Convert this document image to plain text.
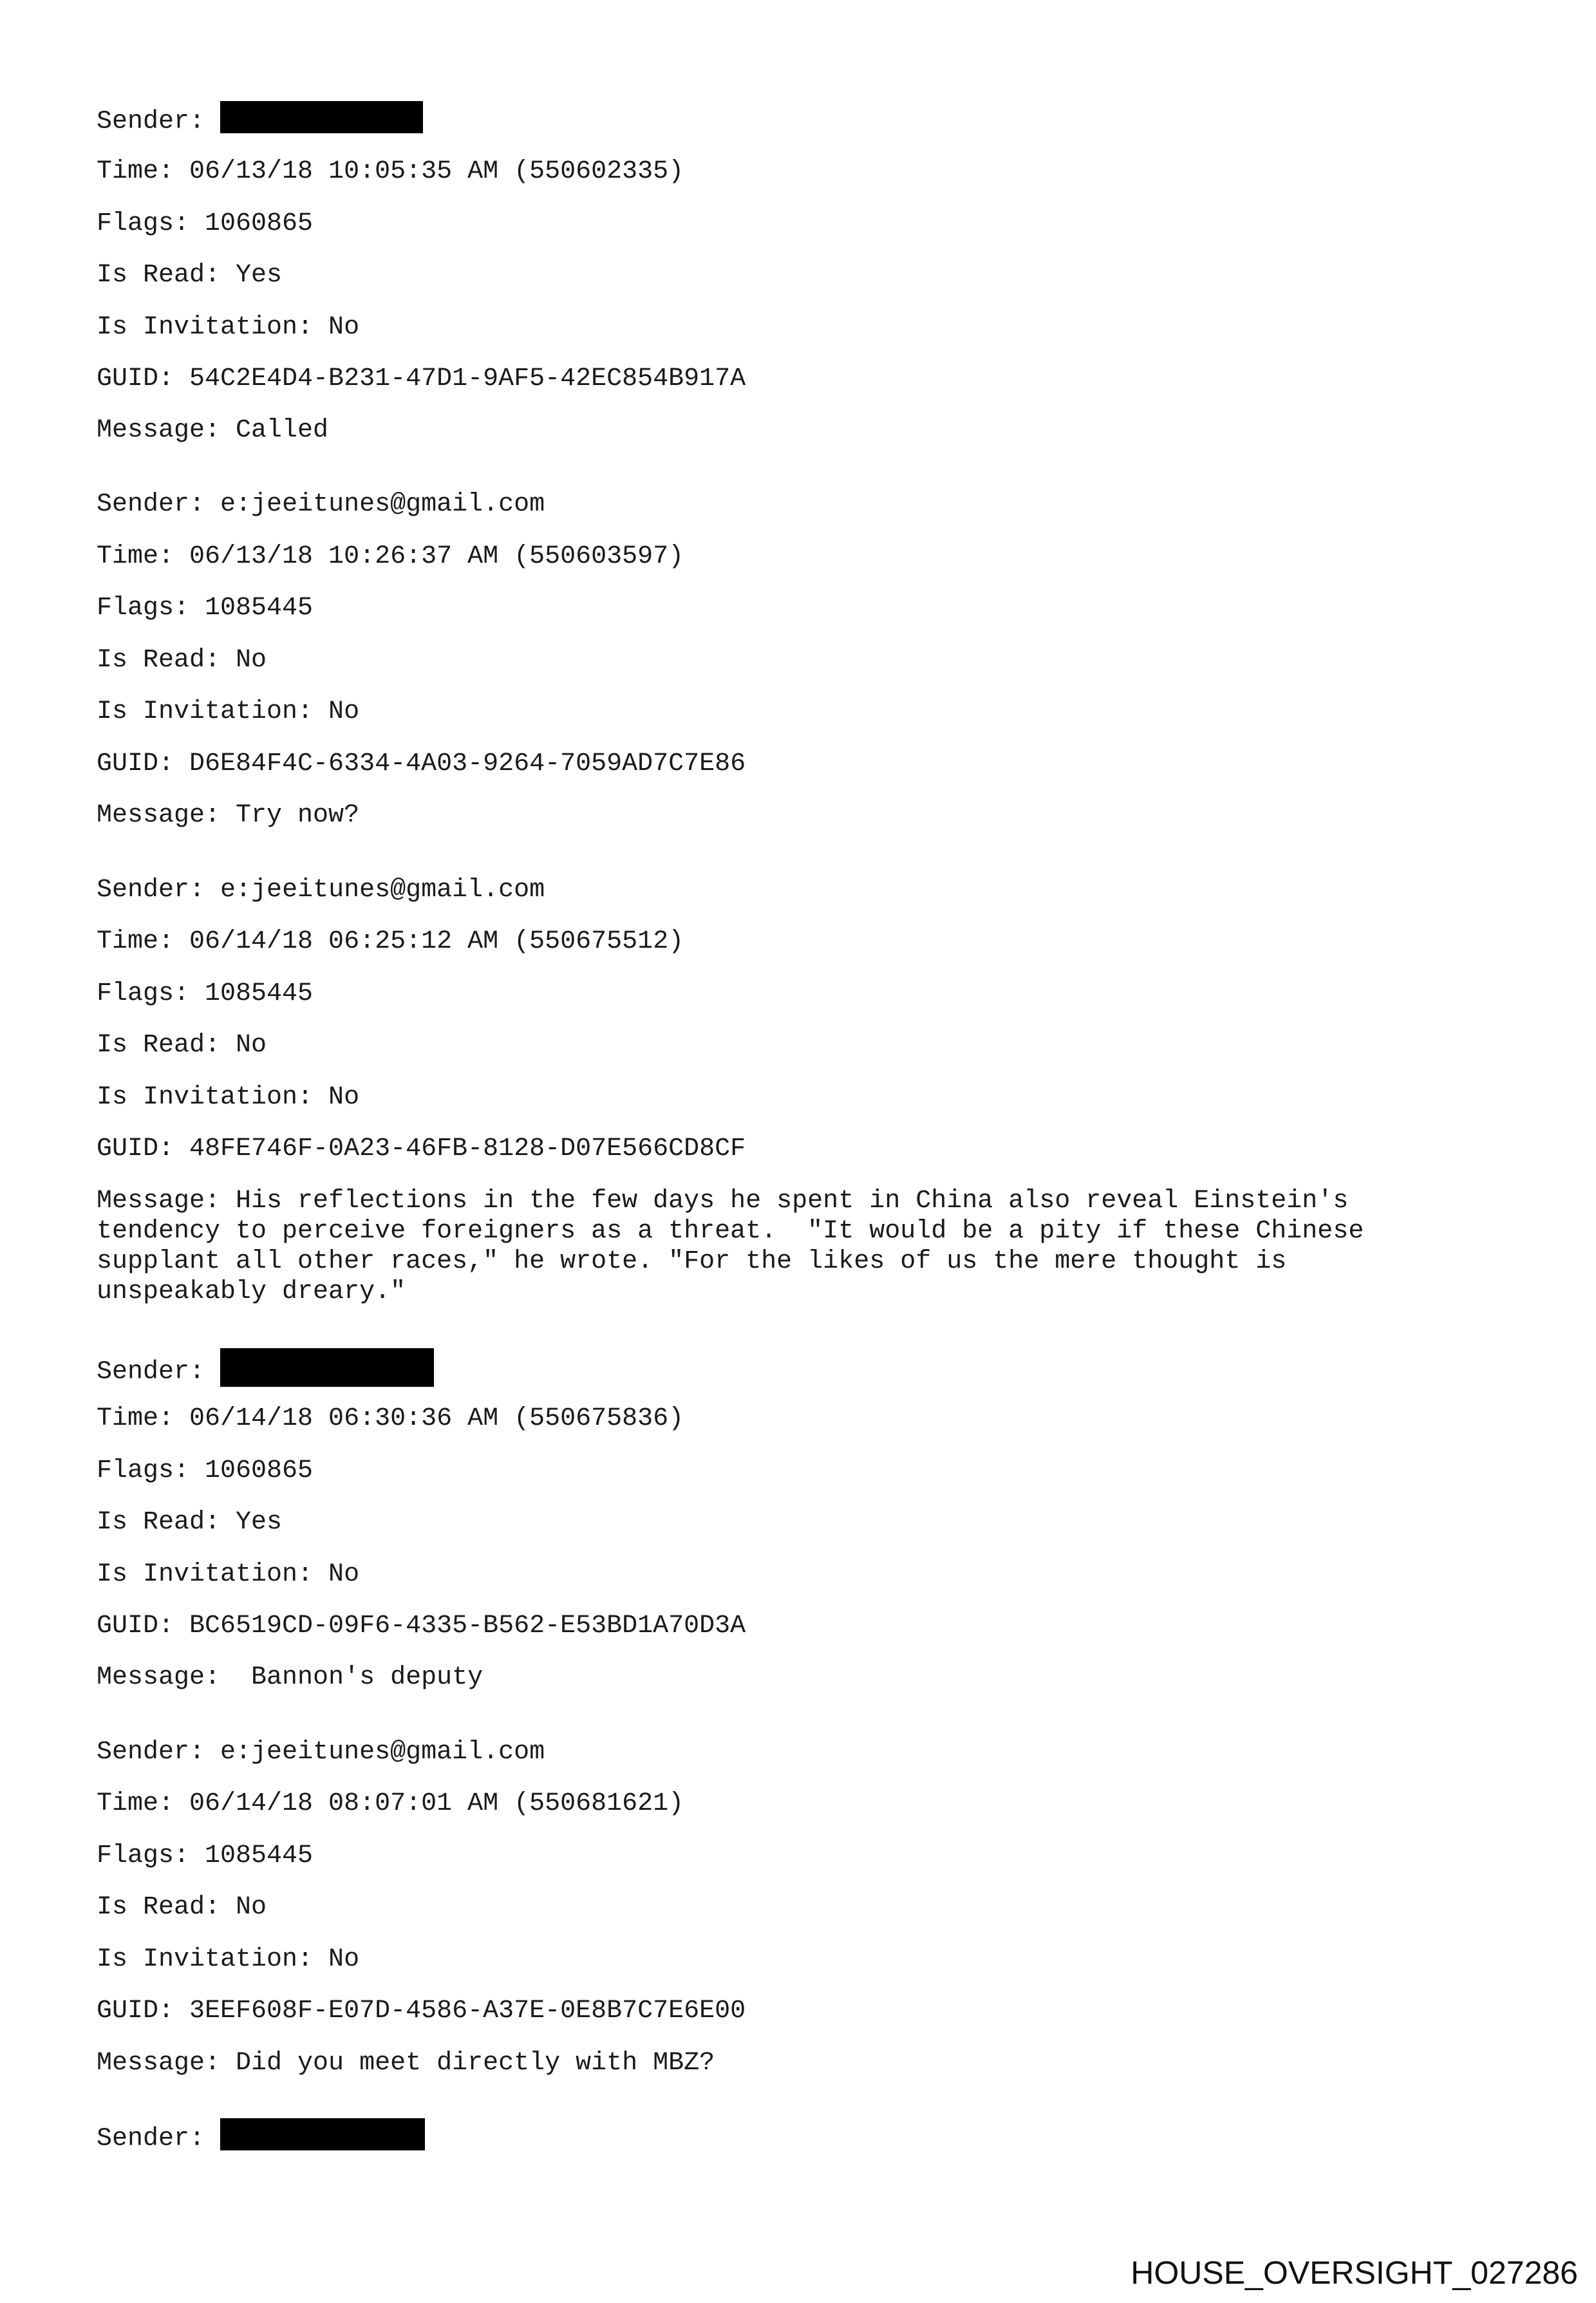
Sender:
Time: 06/13/18 10:05:35 AM (550602335)
Flags: 1060865
Is Read: Yes
Is Invitation: No
GUID: 54C2E4D4-B231-47D1-9AF5-42EC854B917A
Message: Called
Sender: e:jeeitunes@gmail.com
Time: 06/13/18 10:26:37 AM (550603597)
Flags: 1085445
Is Read: No
Is Invitation: No
GUID: D6E84F4C-6334-4A03-9264-7059AD7C7E86
Message: Try now?
Sender: e:jeeitunes@gmail.com
Time: 06/14/18 06:25:12 AM (550675512)
Flags: 1085445
Is Read: No
Is Invitation: No
GUID: 48FE746F-0A23-46FB-8128-D07E566CD8CF
Message: His reflections in the few days he spent in China also reveal Einstein's
tendency to perceive foreigners as a threat.  "It would be a pity if these Chinese
supplant all other races," he wrote. "For the likes of us the mere thought is
unspeakably dreary."
Sender:
Time: 06/14/18 06:30:36 AM (550675836)
Flags: 1060865
Is Read: Yes
Is Invitation: No
GUID: BC6519CD-09F6-4335-B562-E53BD1A70D3A
Message:  Bannon's deputy
Sender: e:jeeitunes@gmail.com
Time: 06/14/18 08:07:01 AM (550681621)
Flags: 1085445
Is Read: No
Is Invitation: No
GUID: 3EEF608F-E07D-4586-A37E-0E8B7C7E6E00
Message: Did you meet directly with MBZ?
Sender:
HOUSE_OVERSIGHT_027286
